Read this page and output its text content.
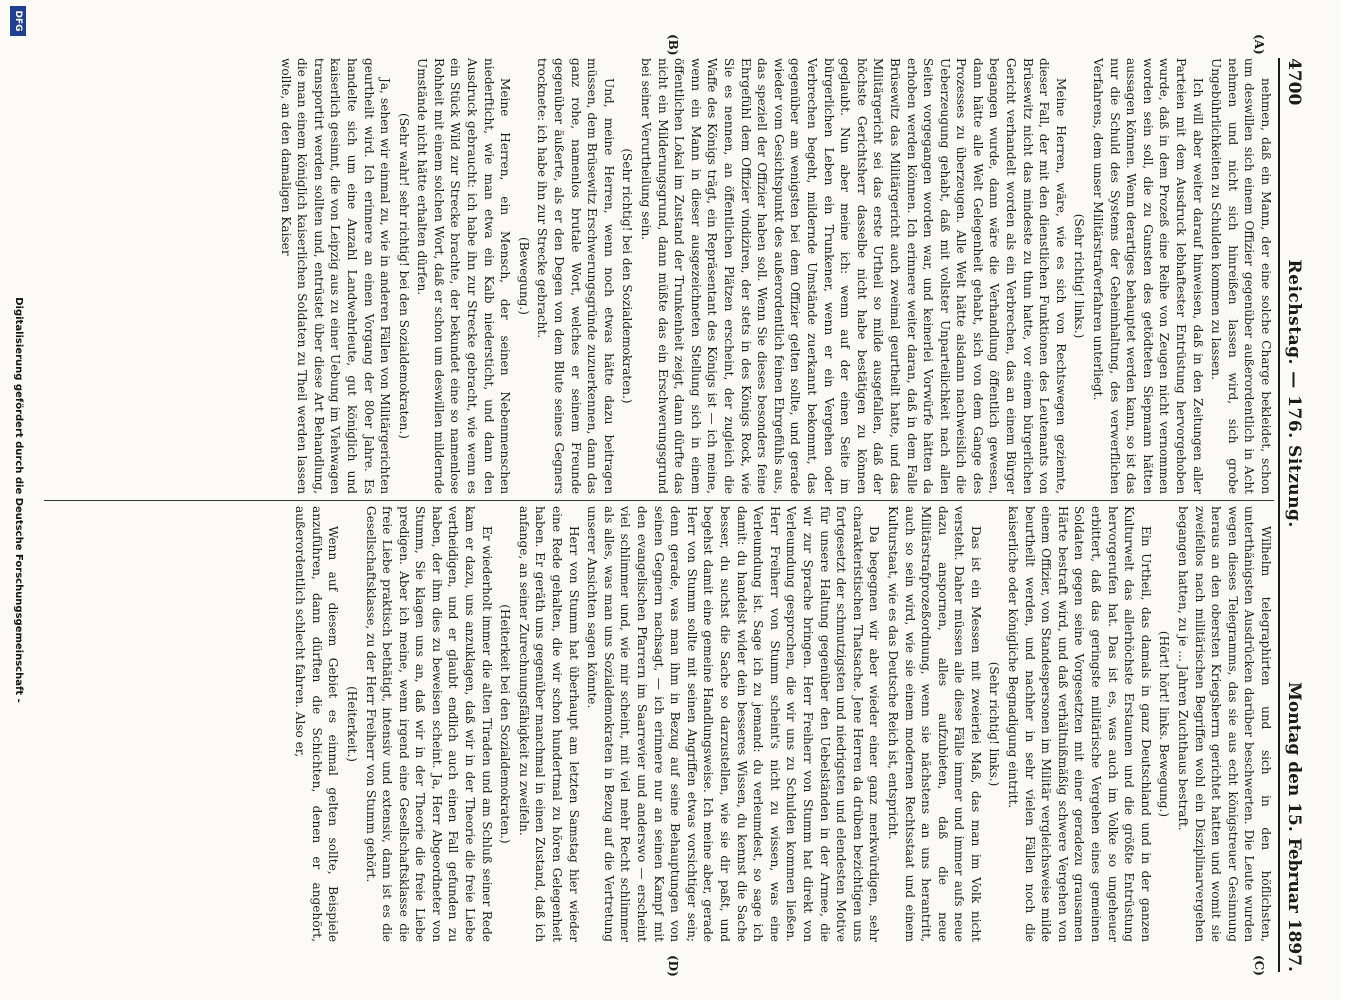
4700
Reichstag. — 176. Sitzung.
Montag den 15. Februar 1897.
(A)
(B)
(C)
(D)

nehmen, daß ein Mann, der eine solche Charge bekleidet, schon um deswillen sich einem Offizier gegenüber außerordentlich in Acht nehmen und nicht sich hinreißen lassen wird, sich grobe Ungebührlichkeiten zu Schulden kommen zu lassen.

Ich will aber weiter darauf hinweisen, daß in den Zeitungen aller Parteien mit dem Ausdruck lebhaftester Entrüstung hervorgehoben wurde, daß in dem Prozeß eine Reihe von Zeugen nicht vernommen worden sein soll, die zu Gunsten des getödteten Siepmann hätten aussagen können. Wenn derartiges behauptet werden kann, so ist das nur die Schuld des Systems der Geheimhaltung, des verwerflichen Verfahrens, dem unser Militärstrafverfahren unterliegt.

(Sehr richtig! links.)

Meine Herren, wäre, wie es sich von Rechtswegen geziemte, dieser Fall, der mit den dienstlichen Funktionen des Leutenants von Brüsewitz nicht das mindeste zu thun hatte, vor einem bürgerlichen Gericht verhandelt worden als ein Verbrechen, das an einem Bürger begangen wurde, dann wäre die Verhandlung öffentlich gewesen, dann hätte alle Welt Gelegenheit gehabt, sich von dem Gange des Prozesses zu überzeugen. Alle Welt hätte alsdann nachweislich die Ueberzeugung gehabt, daß mit vollster Unparteilichkeit nach allen Seiten vorgegangen worden war, und keinerlei Vorwürfe hätten da erhoben werden können. Ich erinnere weiter daran, daß in dem Falle Brüsewitz das Militärgericht auch zweimal geurtheilt hatte, und das Militärgericht sei das erste Urtheil so milde ausgefallen, daß der höchste Gerichtsherr dasselbe nicht habe bestätigen zu können geglaubt. Nun aber meine ich: wenn auf der einen Seite im bürgerlichen Leben ein Trunkener, wenn er ein Vergehen oder Verbrechen begeht, mildernde Umstände zuerkannt bekommt, das gegenüber am wenigsten bei dem Offizier gelten sollte, und gerade wieder vom Gesichtspunkt des außerordentlich feinen Ehrgefühls aus, das speziell der Offizier haben soll. Wenn Sie dieses besonders feine Ehrgefühl dem Offizier vindiziren, der stets in des Königs Rock, wie Sie es nennen, an öffentlichen Plätzen erscheint, der zugleich die Waffe des Königs trägt, ein Repräsentant des Königs ist — ich meine, wenn ein Mann in dieser ausgezeichneten Stellung sich in einem öffentlichen Lokal im Zustand der Trunkenheit zeigt, dann dürfte das nicht ein Milderungsgrund, dann müßte das ein Erschwerungsgrund bei seiner Verurtheilung sein.

(Sehr richtig! bei den Sozialdemokraten.)

Und, meine Herren, wenn noch etwas hätte dazu beitragen müssen, dem Brüsewitz Erschwerungsgründe zuzuerkennen, dann das ganz rohe, namenlos brutale Wort, welches er seinem Freunde gegenüber äußerte, als er den Degen von dem Blute seines Gegners trocknete: ich habe ihn zur Strecke gebracht.

(Bewegung.)

Meine Herren, ein Mensch, der seinen Nebenmenschen niederfticht, wie man etwa ein Kalb niedersticht, und dann den Ausdruck gebraucht: ich habe ihn zur Strecke gebracht, wie wenn es ein Stück Wild zur Strecke brachte, der bekundet eine so namenlose Rohheit mit einem solchen Wort, daß er schon um deswillen mildernde Umstände nicht hätte erhalten dürfen.

(Sehr wahr! sehr richtig! bei den Sozialdemokraten.)

Ja, sehen wir einmal zu, wie in anderen Fällen von Militärgerichten geurtheilt wird. Ich erinnere an einen Vorgang der 80er Jahre. Es handelte sich um eine Anzahl Landwehrleute, gut königlich und kaiserlich gesinnt, die von Leipzig aus zu einer Uebung im Viehwagen transportirt werden sollten und, entrüstet über diese Art Behandlung, die man einem königlich kaiserlichen Soldaten zu Theil werden lassen wollte, an den damaligen Kaiser

Wilhelm telegraphirten und sich in den höflichsten, unterthänigsten Ausdrücken darüber beschwerten. Die Leute wurden wegen dieses Telegramms, das sie aus echt königstreuer Gesinnung heraus an den obersten Kriegsherrn gerichtet hatten und womit sie zweifellos nach militärischen Begriffen wohl ein Disziplinarvergehen begangen hatten, zu je ... Jahren Zuchthaus bestraft.

(Hört! hört! links. Bewegung.)

Ein Urtheil, das damals in ganz Deutschland und in der ganzen Kulturwelt das allerhöchste Erstaunen und die größte Entrüstung hervorgerufen hat. Das ist es, was auch im Volke so ungeheuer erbittert, daß das geringste militärische Vergehen eines gemeinen Soldaten gegen seine Vorgesetzten mit einer geradezu grausamen Härte bestraft wird, und daß verhältnißmäßig schwere Vergehen von einem Offizier, von Standespersonen im Militär vergleichsweise milde beurtheilt werden, und nachher in sehr vielen Fällen noch die kaiserliche oder königliche Begnadigung eintritt.

(Sehr richtig! links.)

Das ist ein Messen mit zweierlei Maß, das man im Volk nicht versteht. Daher müssen alle diese Fälle immer und immer aufs neue dazu anspornen, alles aufzubieten, daß die neue Militärstrafprozeßordnung, wenn sie nächstens an uns herantritt, auch so sein wird, wie sie einem modernen Rechtsstaat und einem Kulturstaat, wie es das Deutsche Reich ist, entspricht.

Da begegnen wir aber wieder einer ganz merkwürdigen, sehr charakteristischen Thatsache. Jene Herren da drüben bezichtigen uns fortgesetzt der schmutzigsten und niedrigsten und elendesten Motive für unsere Haltung gegenüber den Uebelständen in der Armee, die wir zur Sprache bringen. Herr Freiherr von Stumm hat direkt von Verleumdung gesprochen, die wir uns zu Schulden kommen ließen. Herr Freiherr von Stumm scheint's nicht zu wissen, was eine Verleumdung ist. Sage ich zu jemand: du verleumdest, so sage ich damit: du handelst wider dein besseres Wissen, du kennst die Sache besser, du suchst die Sache so darzustellen, wie sie dir paßt, und begehst damit eine gemeine Handlungsweise. Ich meine aber, gerade Herr von Stumm sollte mit seinen Angriffen etwas vorsichtiger sein; denn gerade, was man ihm in Bezug auf seine Behauptungen von seinen Gegnern nachsagt, — ich erinnere nur an seinen Kampf mit den evangelischen Pfarrern im Saarrevier und anderswo — erscheint viel schlimmer und, wie mir scheint, mit viel mehr Recht schlimmer als alles, was man uns Sozialdemokraten in Bezug auf die Vertretung unserer Ansichten sagen könnte.

Herr von Stumm hat überhaupt am letzten Samstag hier wieder eine Rede gehalten, die wir schon hundertmal zu hören Gelegenheit haben. Er geräth uns gegenüber manchmal in einen Zustand, daß ich anfange, an seiner Zurechnungsfähigkeit zu zweifeln.

(Heiterkeit bei den Sozialdemokraten.)

Er wiederholt immer die alten Tiraden und am Schluß seiner Rede kam er dazu, uns anzuklagen, daß wir in der Theorie die freie Liebe vertheidigen, und er glaubt endlich auch einen Fall gefunden zu haben, der ihm dies zu beweisen scheint. Ja, Herr Abgeordneter von Stumm, Sie klagen uns an, daß wir in der Theorie die freie Liebe predigen. Aber ich meine, wenn irgend eine Gesellschaftsklasse die freie Liebe praktisch bethätigt, intensiv und extensiv, dann ist es die Gesellschaftsklasse, zu der Herr Freiherr von Stumm gehört.

(Heiterkeit.)

Wenn auf diesem Gebiet es einmal gelten sollte, Beispiele anzuführen, dann dürften die Schichten, denen er angehört, außerordentlich schlecht fahren. Also er,

Digitalisierung gefördert durch die Deutsche Forschungsgemeinschaft -
DFG
